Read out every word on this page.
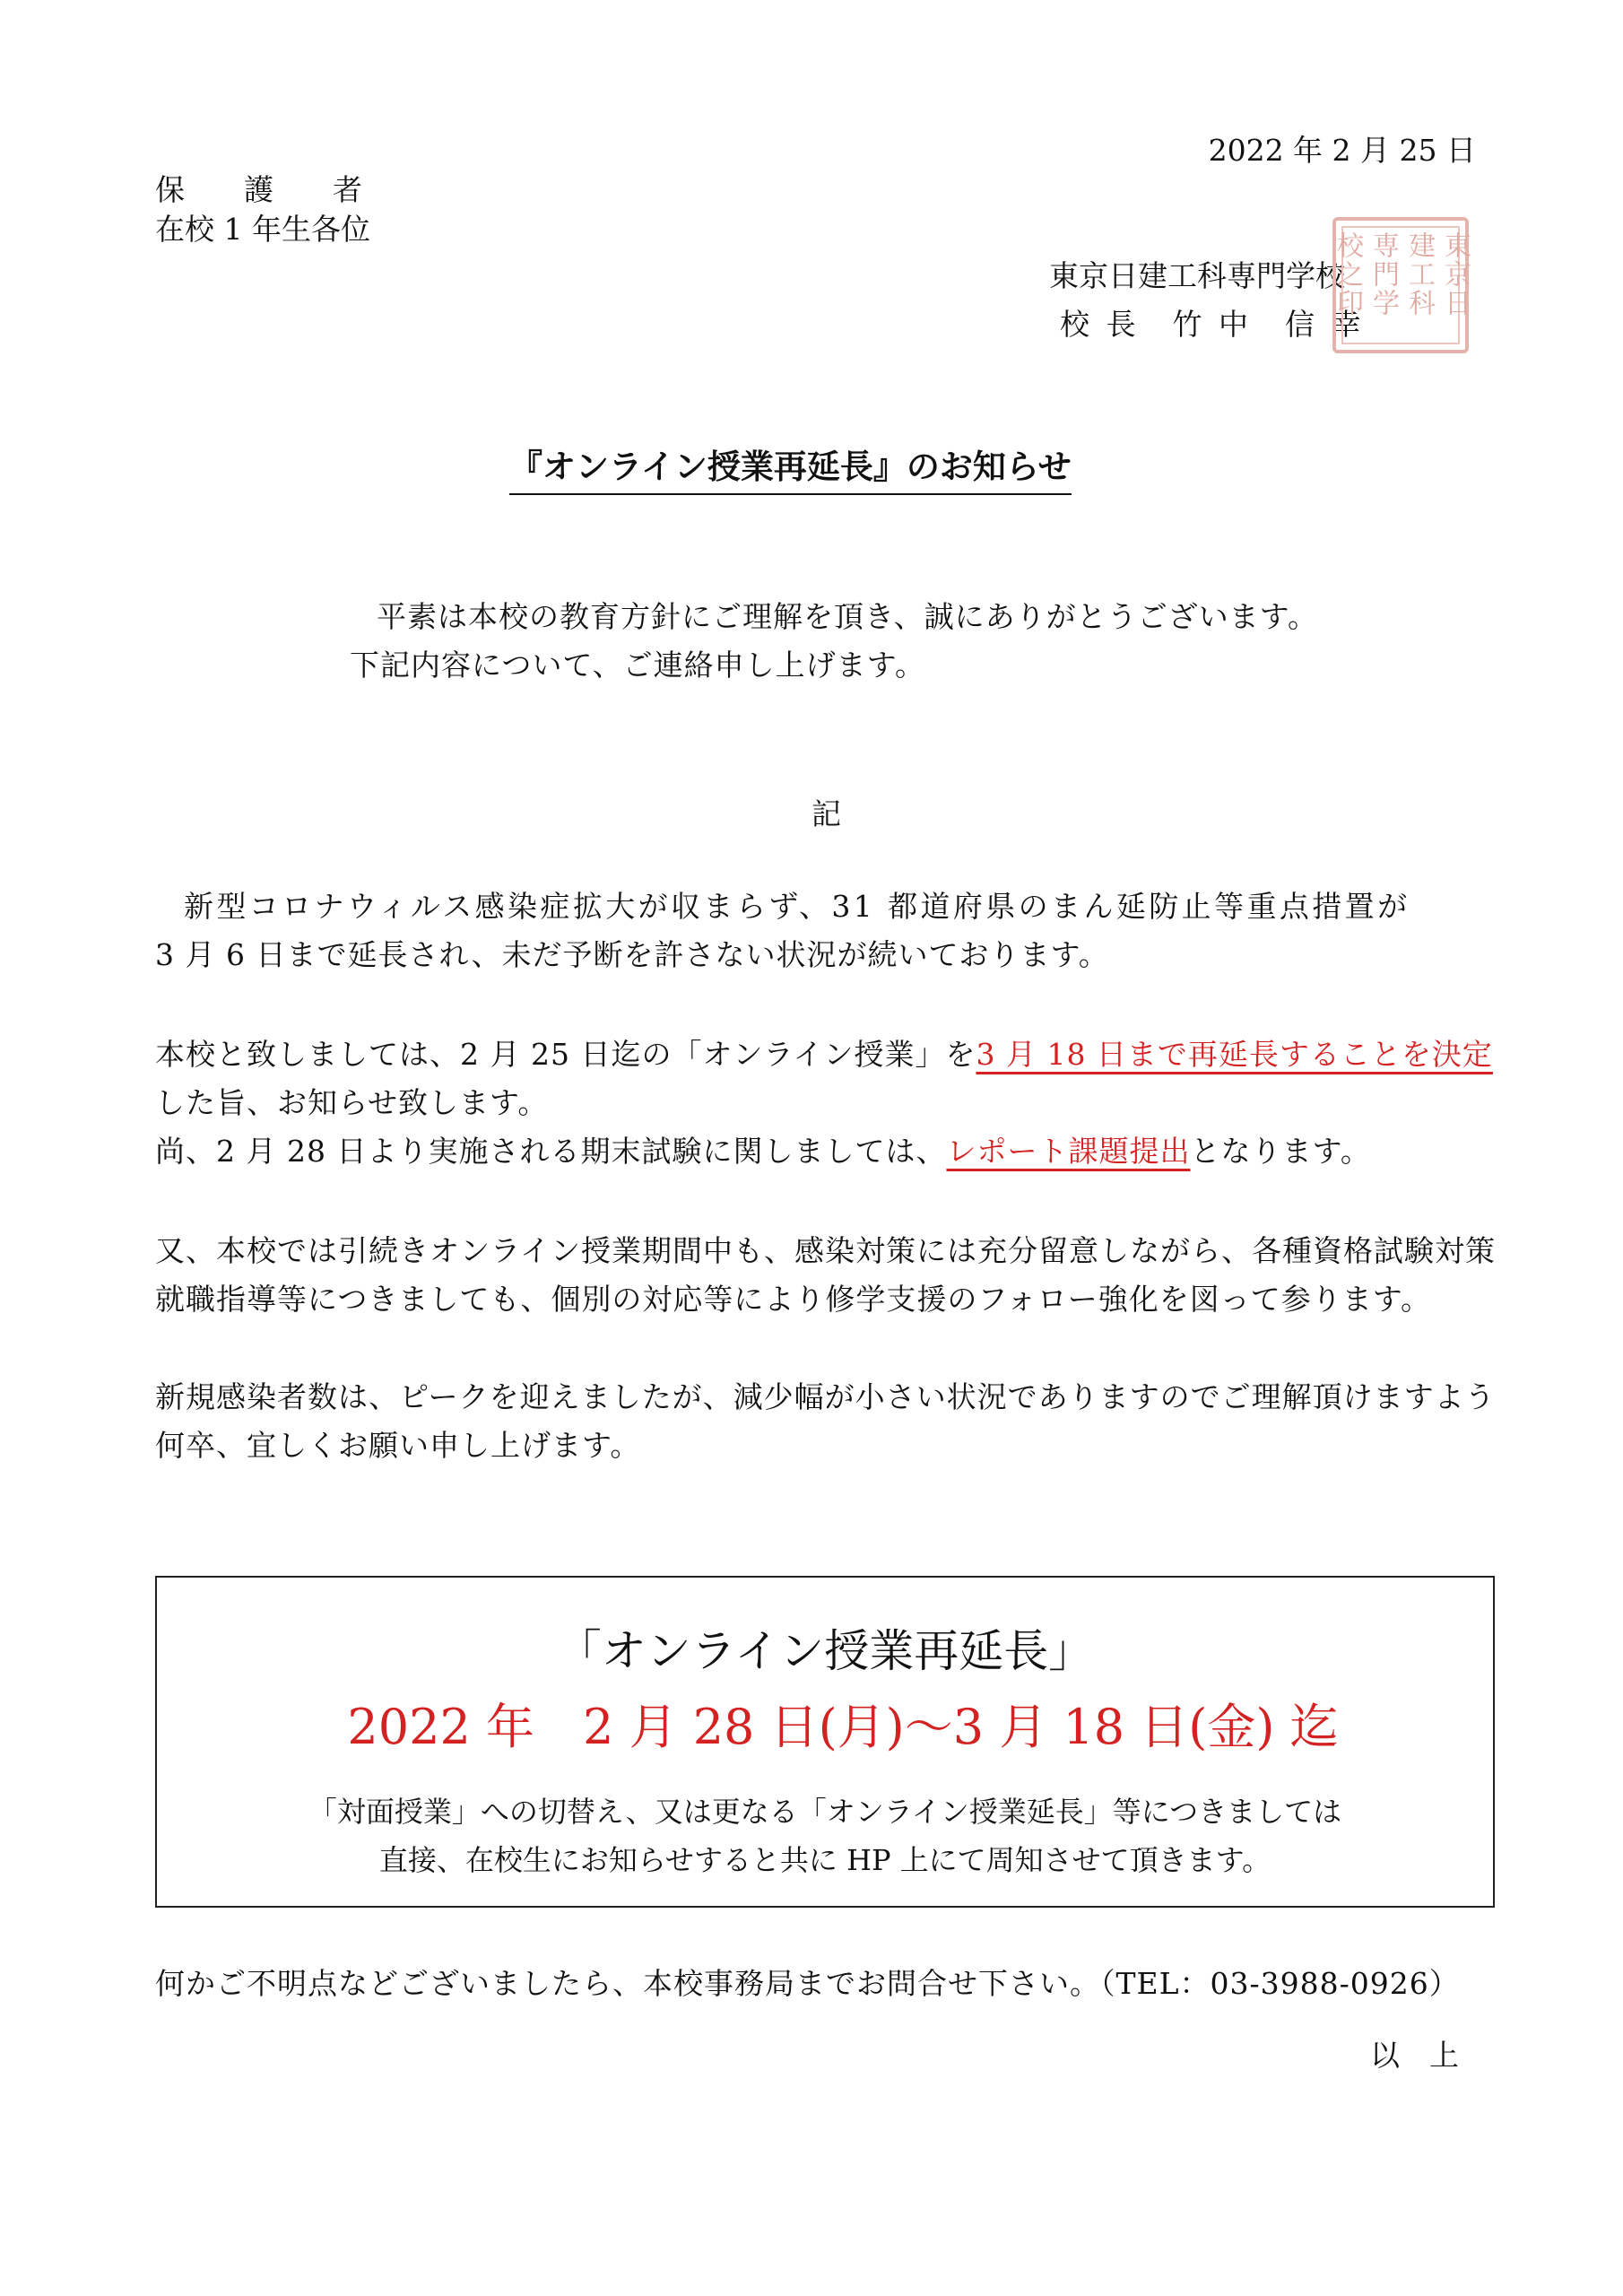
2022 年 2 月 25 日
保　　護　　者
在校 1 年生各位
東京日建工科専門学校
校 長　竹 中　信 幸
東京日建工科専門学校之印
『オンライン授業再延長』のお知らせ
平素は本校の教育方針にご理解を頂き、誠にありがとうございます。
下記内容について、ご連絡申し上げます。
記
新型コロナウィルス感染症拡大が収まらず、31 都道府県のまん延防止等重点措置が
3 月 6 日まで延長され、未だ予断を許さない状況が続いております。
本校と致しましては、2 月 25 日迄の「オンライン授業」を3 月 18 日まで再延長することを決定
した旨、お知らせ致します。
尚、2 月 28 日より実施される期末試験に関しましては、レポート課題提出となります。
又、本校では引続きオンライン授業期間中も、感染対策には充分留意しながら、各種資格試験対策
就職指導等につきましても、個別の対応等により修学支援のフォロー強化を図って参ります。
新規感染者数は、ピークを迎えましたが、減少幅が小さい状況でありますのでご理解頂けますよう
何卒、宜しくお願い申し上げます。
「オンライン授業再延長」
2022 年　2 月 28 日(月)～3 月 18 日(金) 迄
「対面授業」への切替え、又は更なる「オンライン授業延長」等につきましては
直接、在校生にお知らせすると共に HP 上にて周知させて頂きます。
何かご不明点などございましたら、本校事務局までお問合せ下さい。（TEL：03-3988-0926）
以　上
